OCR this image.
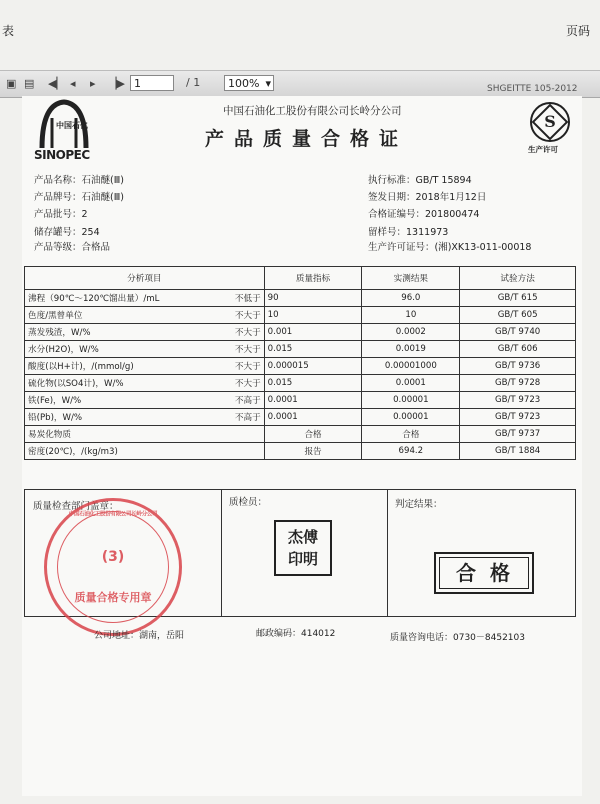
表	页码
▣ ▤ ◀▏ ◂ ▸ ▕▶ 1	/ 1	100% ▾	SHGEITTE 105-2012
中国石化
SINOPEC
中国石油化工股份有限公司长岭分公司
产品质量合格证
S
生产许可
产品名称：石油醚(Ⅲ)
产品牌号：石油醚(Ⅲ)
产品批号：2
储存罐号：254
产品等级：合格品
执行标准：GB/T 15894
签发日期：2018年1月12日
合格证编号：201800474
留样号：1311973
生产许可证号：(湘)XK13-011-00018
分析项目		质量指标	实测结果	试验方法
沸程（90℃～120℃馏出量）/mL	不低于	90	96.0	GB/T 615
色度/黑曾单位	不大于	10	10	GB/T 605
蒸发残渣，W/%	不大于	0.001	0.0002	GB/T 9740
水分(H2O)，W/%	不大于	0.015	0.0019	GB/T 606
酸度(以H+计)，/(mmol/g)	不大于	0.000015	0.00001000	GB/T 9736
硫化物(以SO4计)，W/%	不大于	0.015	0.0001	GB/T 9728
铁(Fe)，W/%	不高于	0.0001	0.00001	GB/T 9723
铅(Pb)，W/%	不高于	0.0001	0.00001	GB/T 9723
易炭化物质		合格	合格	GB/T 9737
密度(20℃)，/(kg/m3)		报告	694.2	GB/T 1884
质量检查部门盖章：	质检员：	判定结果：
中国石油化工股份有限公司长岭分公司
(3)
质量合格专用章
杰傅
印明
合格
公司地址：湖南，岳阳	邮政编码：414012	质量咨询电话：0730－8452103
